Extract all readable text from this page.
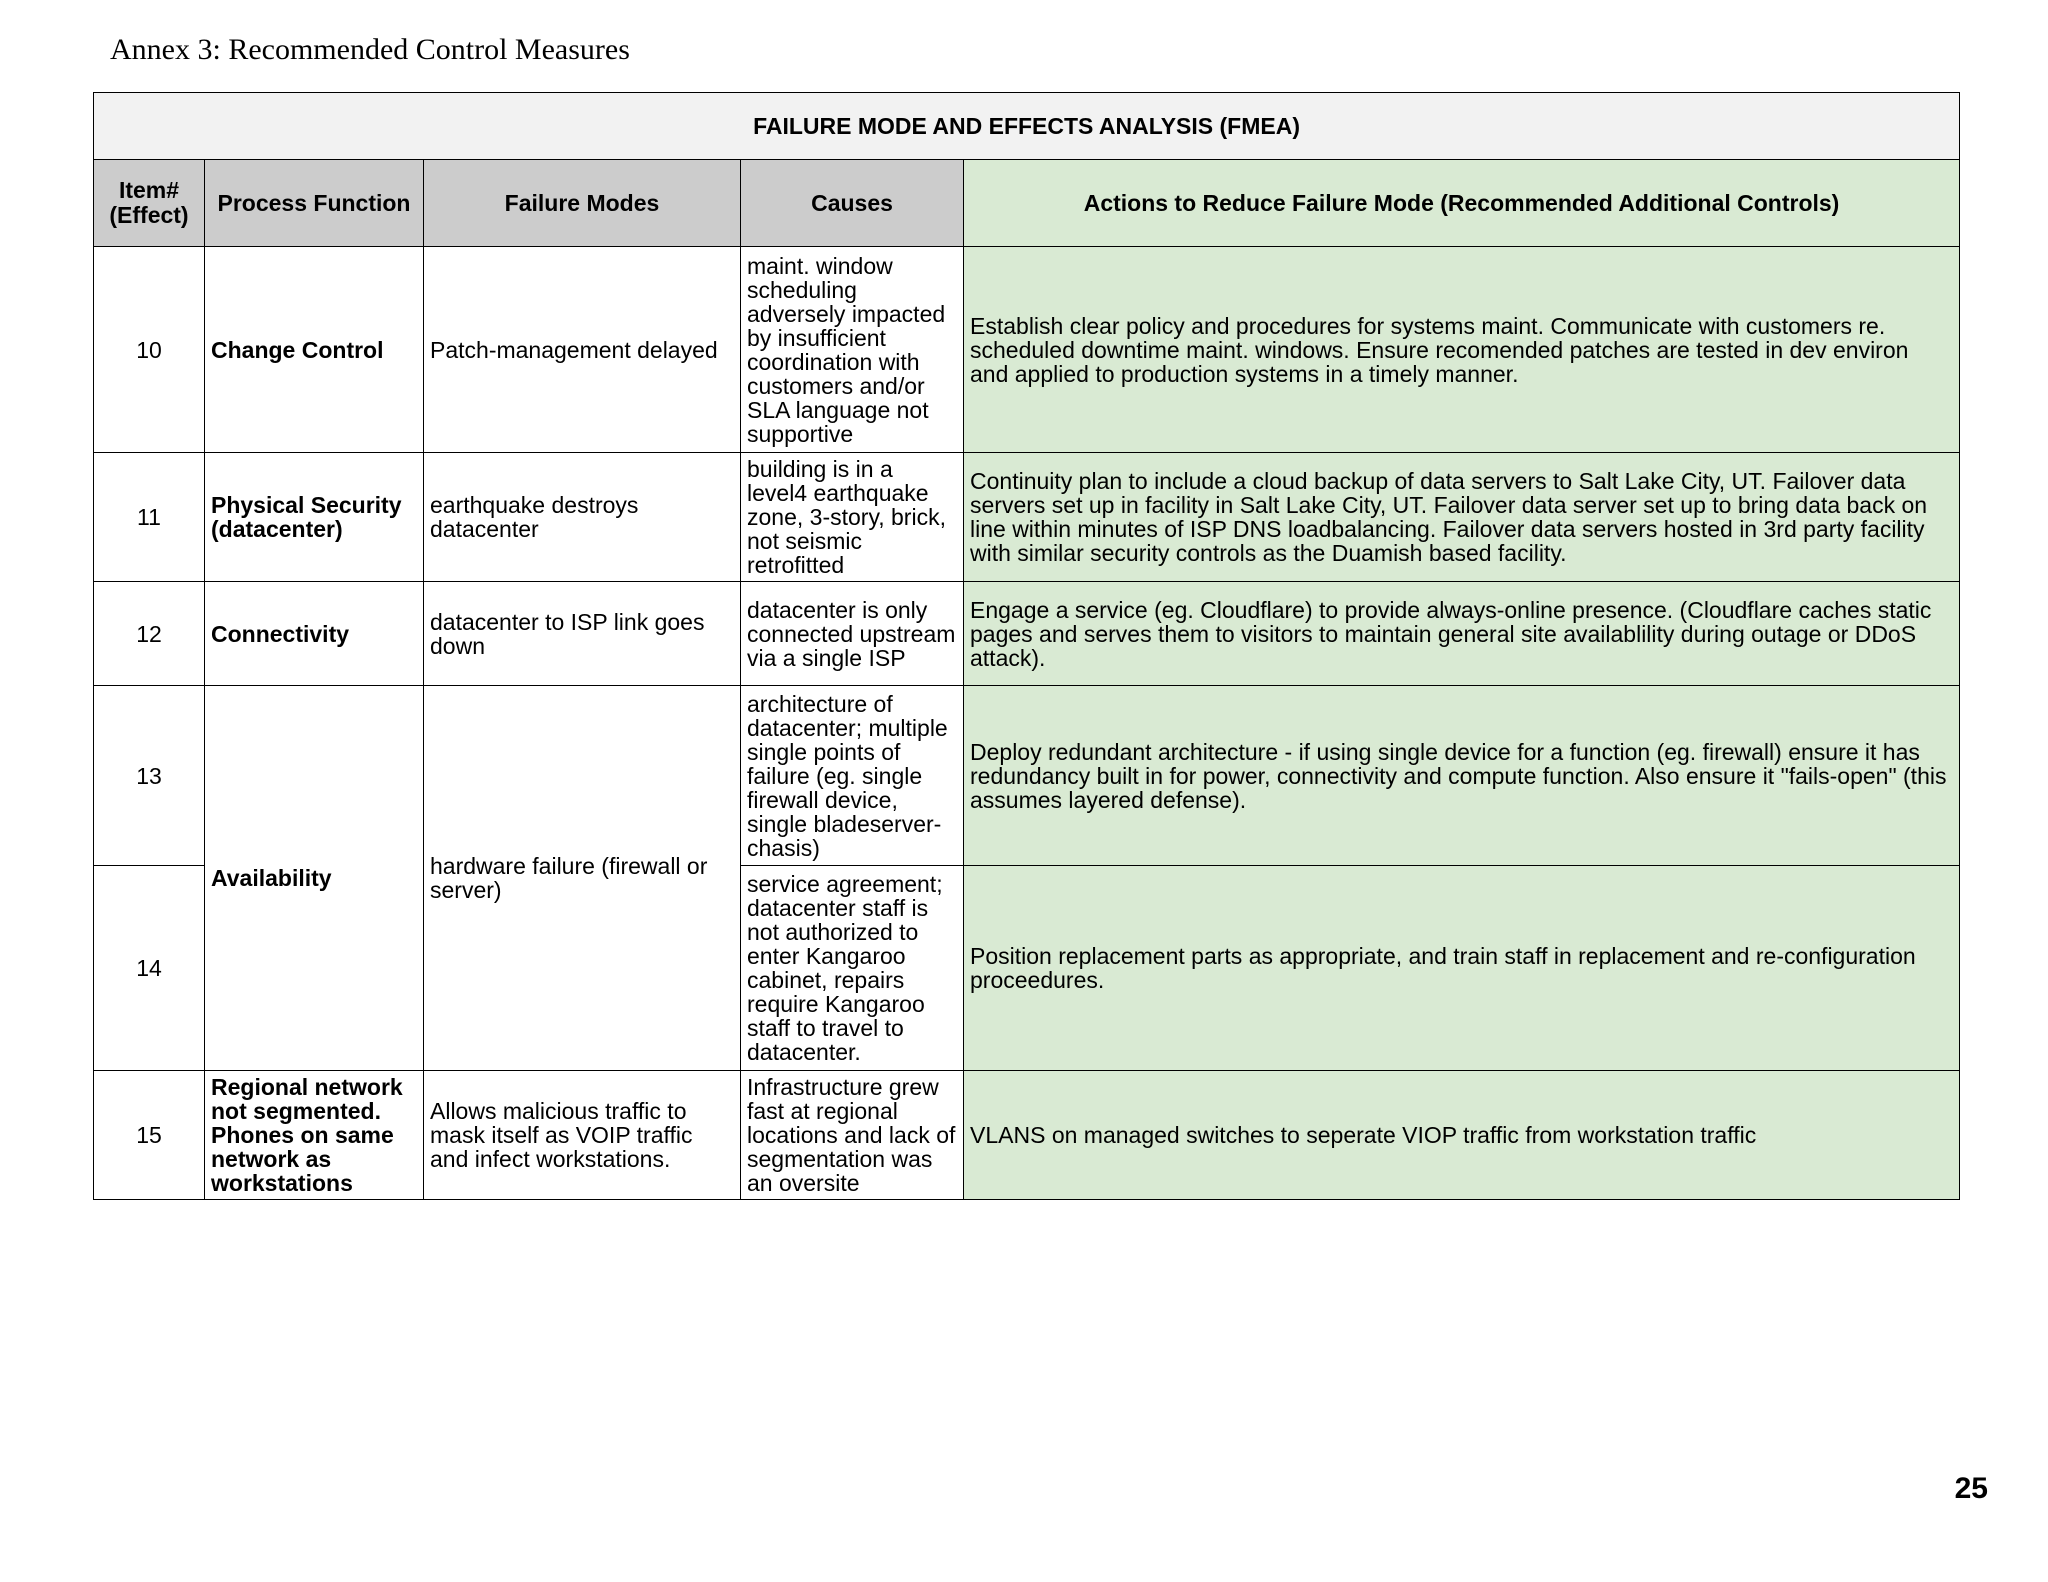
Annex 3: Recommended Control Measures
FAILURE MODE AND EFFECTS ANALYSIS (FMEA)				
Item# (Effect)	Process Function	Failure Modes	Causes	Actions to Reduce Failure Mode (Recommended Additional Controls)
10	Change Control	Patch-management delayed	maint. window scheduling adversely impacted by insufficient coordination with customers and/or SLA language not supportive	Establish clear policy and procedures for systems maint. Communicate with customers re. scheduled downtime maint. windows. Ensure recomended patches are tested in dev environ and applied to production systems in a timely manner.
11	Physical Security (datacenter)	earthquake destroys datacenter	building is in a level4 earthquake zone, 3-story, brick, not seismic retrofitted	Continuity plan to include a cloud backup of data servers to Salt Lake City, UT. Failover data servers set up in facility in Salt Lake City, UT. Failover data server set up to bring data back on line within minutes of ISP DNS loadbalancing. Failover data servers hosted in 3rd party facility with similar security controls as the Duamish based facility.
12	Connectivity	datacenter to ISP link goes down	datacenter is only connected upstream via a single ISP	Engage a service (eg. Cloudflare) to provide always-online presence. (Cloudflare caches static pages and serves them to visitors to maintain general site availablility during outage or DDoS attack).
13	Availability	hardware failure (firewall or server)	architecture of datacenter; multiple single points of failure (eg. single firewall device, single bladeserver-chasis)	Deploy redundant architecture - if using single device for a function (eg. firewall) ensure it has redundancy built in for power, connectivity and compute function. Also ensure it "fails-open" (this assumes layered defense).
14			service agreement; datacenter staff is not authorized to enter Kangaroo cabinet, repairs require Kangaroo staff to travel to datacenter.	Position replacement parts as appropriate, and train staff in replacement and re-configuration proceedures.
15	Regional network not segmented. Phones on same network as workstations	Allows malicious traffic to mask itself as VOIP traffic and infect workstations.	Infrastructure grew fast at regional locations and lack of segmentation was an oversite	VLANS on managed switches to seperate VIOP traffic from workstation traffic
25
